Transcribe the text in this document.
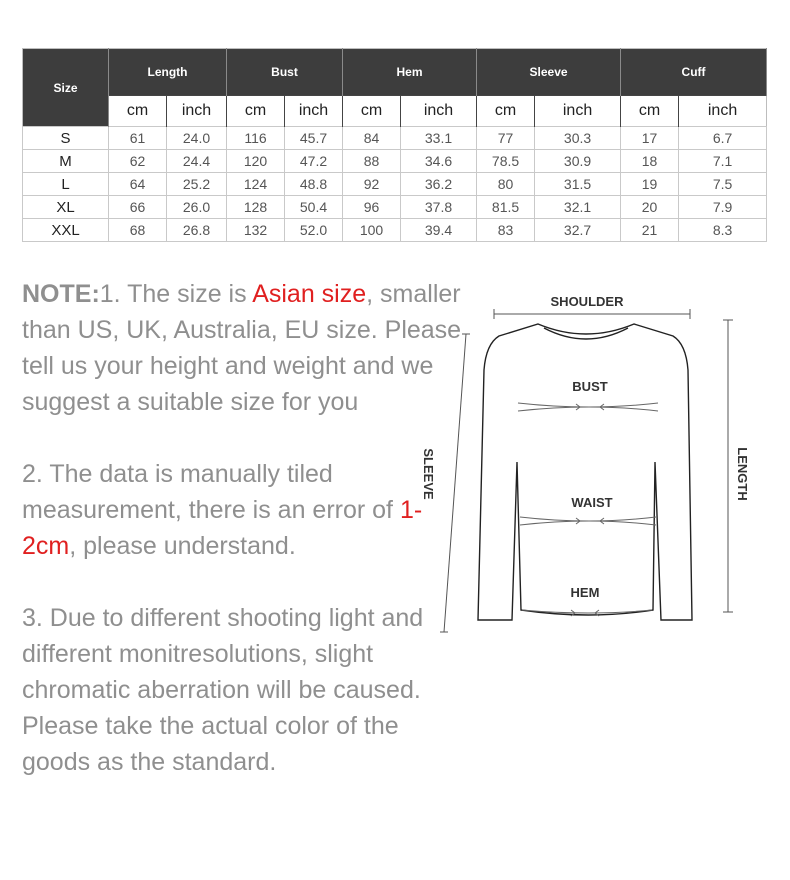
Size	Length		Bust		Hem		Sleeve		Cuff	
	cm	inch	cm	inch	cm	inch	cm	inch	cm	inch
S	61	24.0	116	45.7	84	33.1	77	30.3	17	6.7
M	62	24.4	120	47.2	88	34.6	78.5	30.9	18	7.1
L	64	25.2	124	48.8	92	36.2	80	31.5	19	7.5
XL	66	26.0	128	50.4	96	37.8	81.5	32.1	20	7.9
XXL	68	26.8	132	52.0	100	39.4	83	32.7	21	8.3

NOTE:1. The size is Asian size, smaller than US, UK, Australia, EU size. Please tell us your height and weight and we suggest a suitable size for you

2. The data is manually tiled measurement, there is an error of 1-2cm, please understand.

3. Due to different shooting light and different monitresolutions, slight chromatic aberration will be caused. Please take the actual color of the goods as the standard.

SHOULDER
BUST
WAIST
HEM
SLEEVE	LENGTH
